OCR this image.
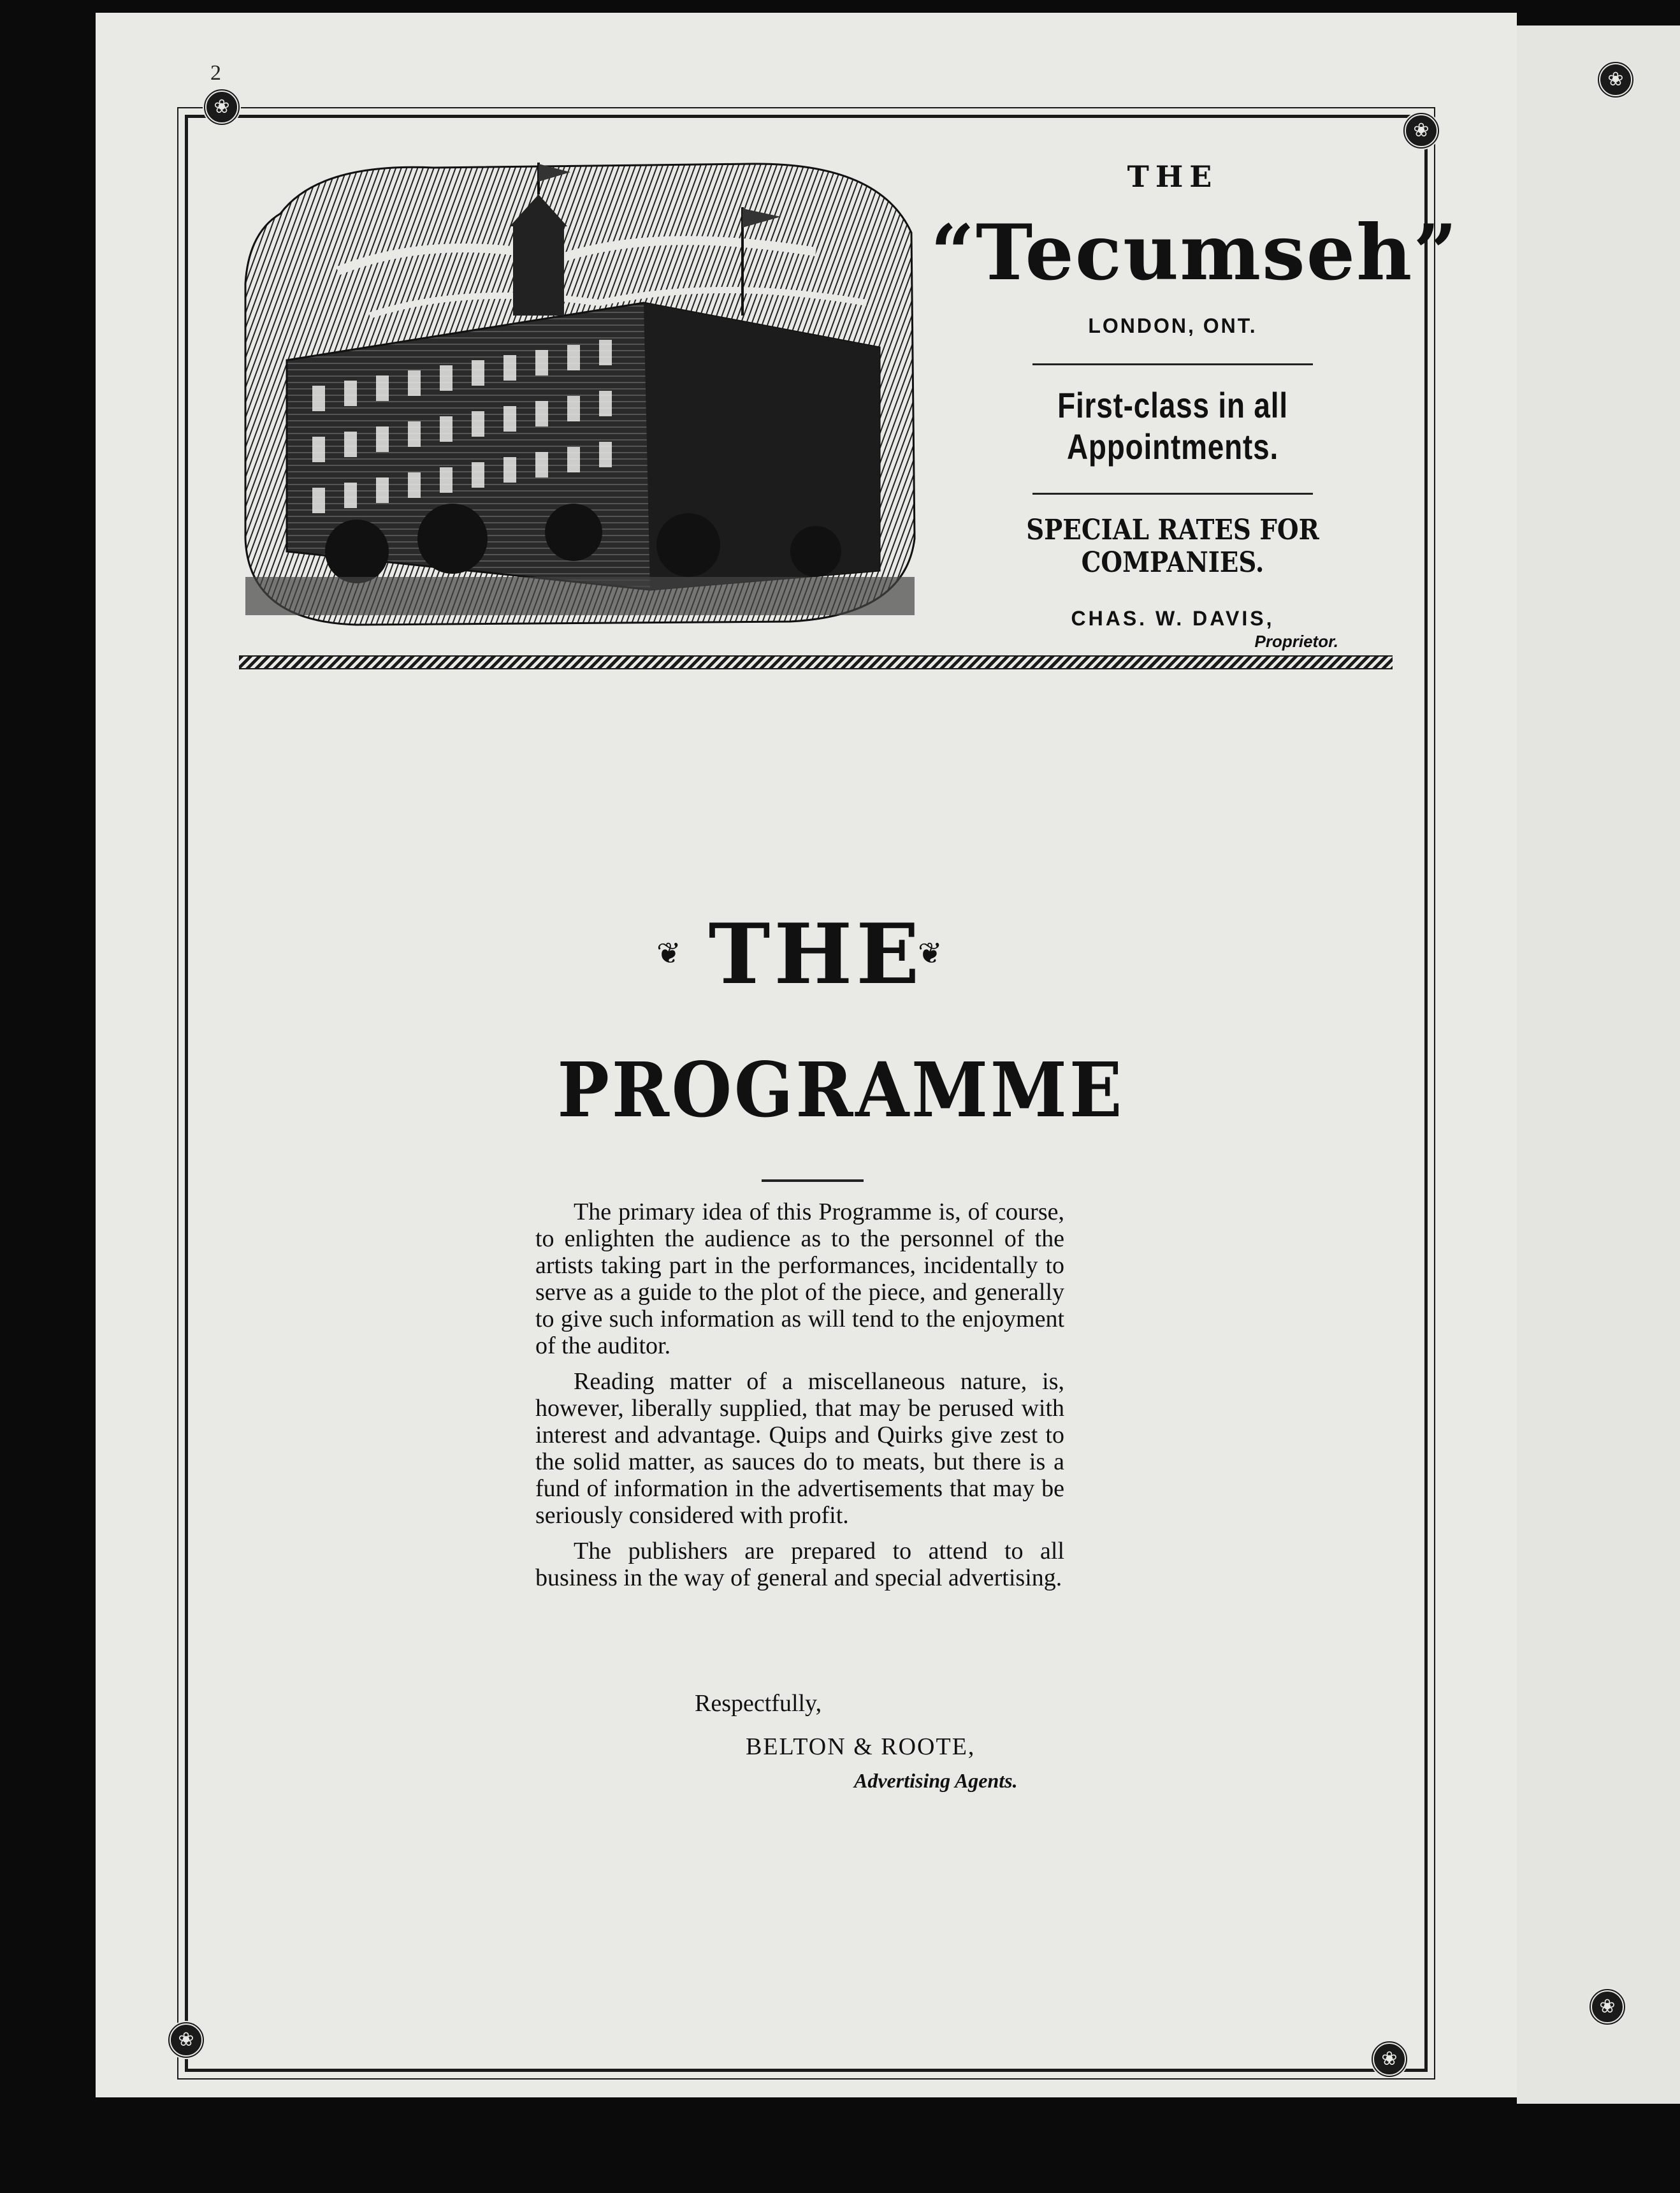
2
❀
❀
❀
❀
❀
❀
THE
“Tecumseh”
LONDON, ONT.
First-class in all Appointments.
SPECIAL RATES FOR COMPANIES.
CHAS. W. DAVIS,
Proprietor.
❦ THE
❦
PROGRAMME

The primary idea of this Programme is, of course, to enlighten the audience as to the personnel of the artists taking part in the performances, incidentally to serve as a guide to the plot of the piece, and generally to give such information as will tend to the enjoyment of the auditor.

Reading matter of a miscellaneous nature, is, however, liberally supplied, that may be perused with interest and advantage. Quips and Quirks give zest to the solid matter, as sauces do to meats, but there is a fund of information in the advertisements that may be seriously considered with profit.

The publishers are prepared to attend to all business in the way of general and special advertising.

Respectfully,
BELTON & ROOTE,
Advertising Agents.
